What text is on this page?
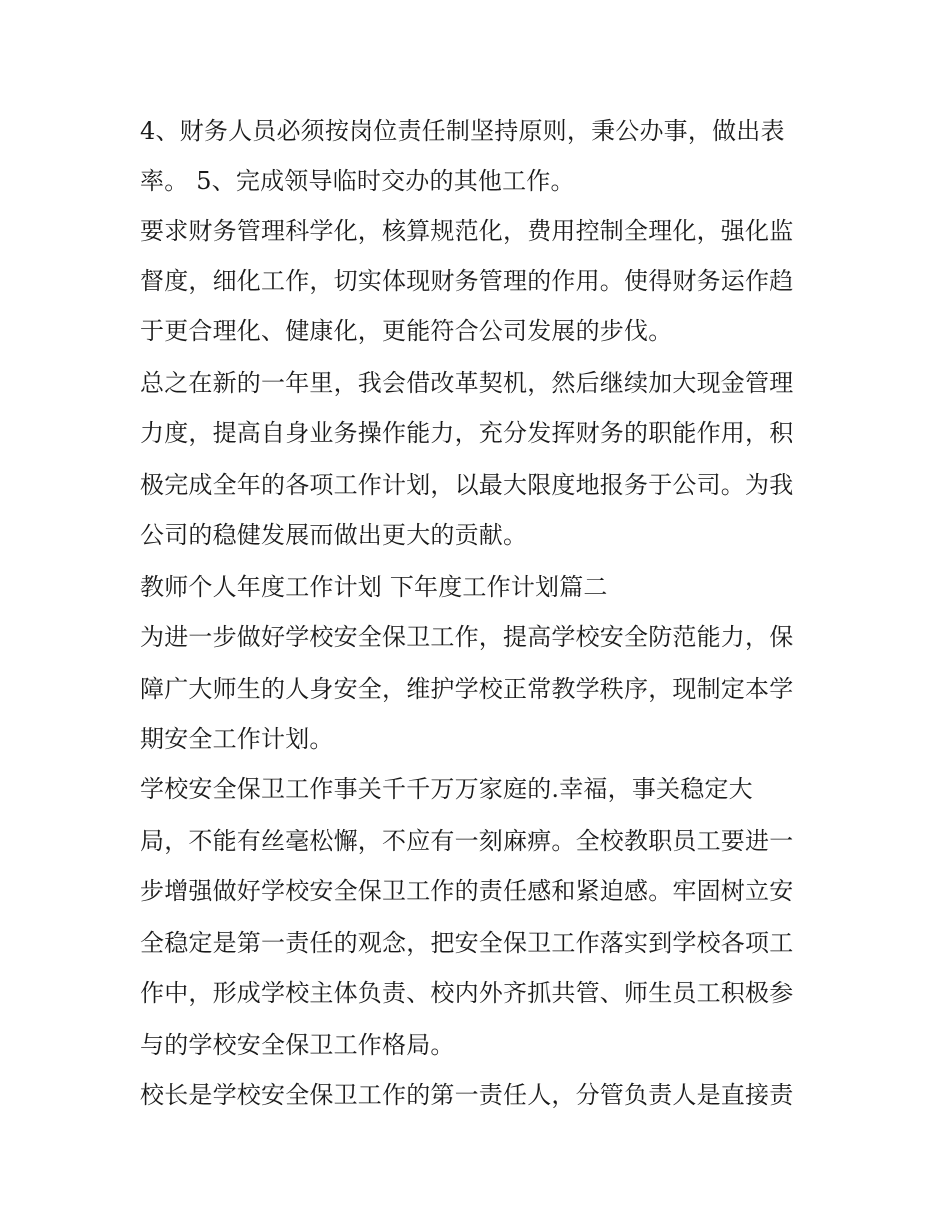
4、财务人员必须按岗位责任制坚持原则，秉公办事，做出表
率。 5、完成领导临时交办的其他工作。
要求财务管理科学化，核算规范化，费用控制全理化，强化监
督度，细化工作，切实体现财务管理的作用。使得财务运作趋
于更合理化、健康化，更能符合公司发展的步伐。
总之在新的一年里，我会借改革契机，然后继续加大现金管理
力度，提高自身业务操作能力，充分发挥财务的职能作用，积
极完成全年的各项工作计划，以最大限度地报务于公司。为我
公司的稳健发展而做出更大的贡献。
教师个人年度工作计划 下年度工作计划篇二
为进一步做好学校安全保卫工作，提高学校安全防范能力，保
障广大师生的人身安全，维护学校正常教学秩序，现制定本学
期安全工作计划。
学校安全保卫工作事关千千万万家庭的.幸福，事关稳定大
局，不能有丝毫松懈，不应有一刻麻痹。全校教职员工要进一
步增强做好学校安全保卫工作的责任感和紧迫感。牢固树立安
全稳定是第一责任的观念，把安全保卫工作落实到学校各项工
作中，形成学校主体负责、校内外齐抓共管、师生员工积极参
与的学校安全保卫工作格局。
校长是学校安全保卫工作的第一责任人，分管负责人是直接责
